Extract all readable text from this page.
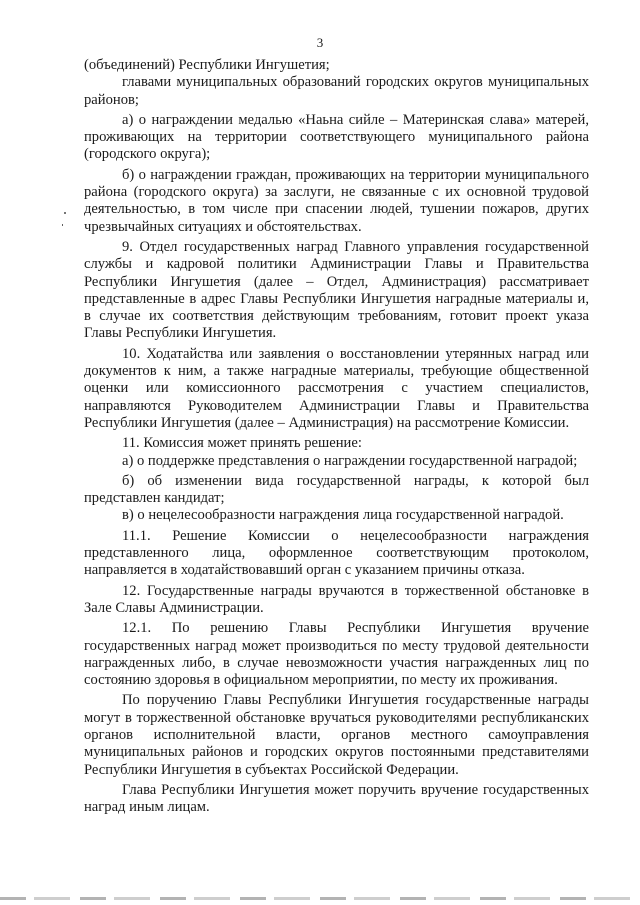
3

(объединений) Республики Ингушетия;

главами муниципальных образований городских округов муниципальных районов;

а) о награждении медалью «Наьна сийле – Материнская слава» матерей, проживающих на территории соответствующего муниципального района (городского округа);

б) о награждении граждан, проживающих на территории муниципального района (городского округа) за заслуги, не связанные с их основной трудовой деятельностью, в том числе при спасении людей, тушении пожаров, других чрезвычайных ситуациях и обстоятельствах.

9. Отдел государственных наград Главного управления государственной службы и кадровой политики Администрации Главы и Правительства Республики Ингушетия (далее – Отдел, Администрация) рассматривает представленные в адрес Главы Республики Ингушетия наградные материалы и, в случае их соответствия действующим требованиям, готовит проект указа Главы Республики Ингушетия.

10. Ходатайства или заявления о восстановлении утерянных наград или документов к ним, а также наградные материалы, требующие общественной оценки или комиссионного рассмотрения с участием специалистов, направляются Руководителем Администрации Главы и Правительства Республики Ингушетия (далее – Администрация) на рассмотрение Комиссии.

11. Комиссия может принять решение:

а) о поддержке представления о награждении государственной наградой;

б) об изменении вида государственной награды, к которой был представлен кандидат;

в) о нецелесообразности награждения лица государственной наградой.

11.1. Решение Комиссии о нецелесообразности награждения представленного лица, оформленное соответствующим протоколом, направляется в ходатайствовавший орган с указанием причины отказа.

12. Государственные награды вручаются в торжественной обстановке в Зале Славы Администрации.

12.1. По решению Главы Республики Ингушетия вручение государственных наград может производиться по месту трудовой деятельности награжденных либо, в случае невозможности участия награжденных лиц по состоянию здоровья в официальном мероприятии, по месту их проживания.

По поручению Главы Республики Ингушетия государственные награды могут в торжественной обстановке вручаться руководителями республиканских органов исполнительной власти, органов местного самоуправления муниципальных районов и городских округов постоянными представителями Республики Ингушетия в субъектах Российской Федерации.

Глава Республики Ингушетия может поручить вручение государственных наград иным лицам.
